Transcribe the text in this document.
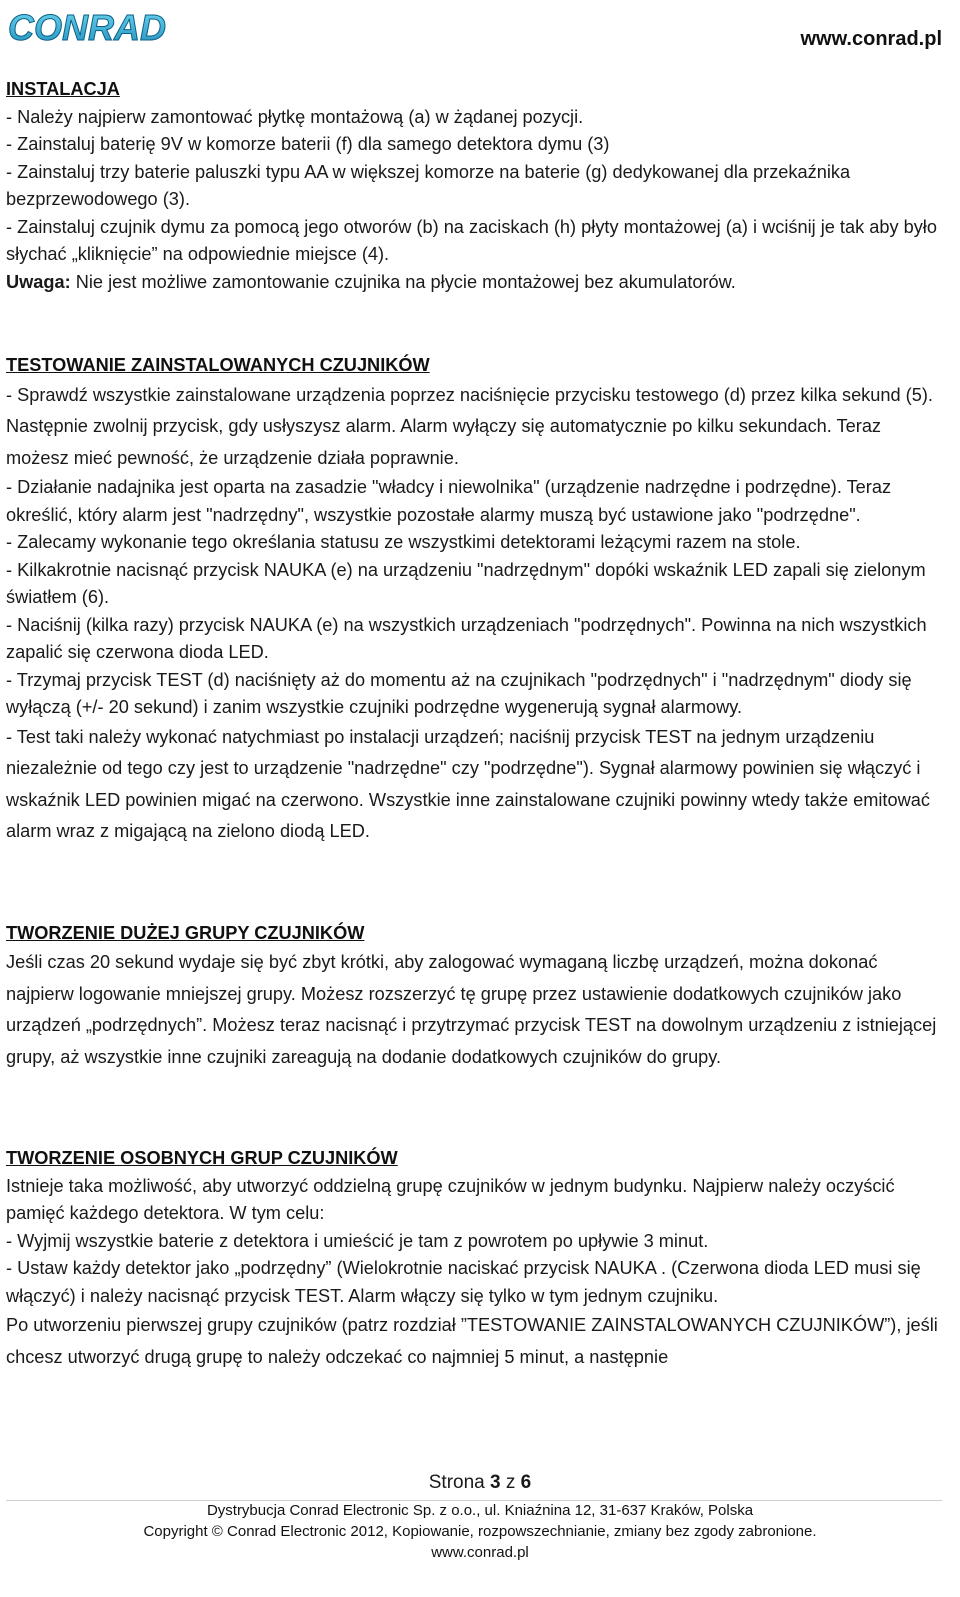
CONRAD	www.conrad.pl

INSTALACJA

- Należy najpierw zamontować płytkę montażową (a) w żądanej pozycji.

- Zainstaluj baterię 9V w komorze baterii (f) dla samego detektora dymu (3)

- Zainstaluj trzy baterie paluszki typu AA w większej komorze na baterie (g) dedykowanej dla przekaźnika bezprzewodowego (3).

- Zainstaluj czujnik dymu za pomocą jego otworów (b) na zaciskach (h) płyty montażowej (a) i wciśnij je tak aby było słychać „kliknięcie” na odpowiednie miejsce (4).

Uwaga: Nie jest możliwe zamontowanie czujnika na płycie montażowej bez akumulatorów.

TESTOWANIE ZAINSTALOWANYCH CZUJNIKÓW

- Sprawdź wszystkie zainstalowane urządzenia poprzez naciśnięcie przycisku testowego (d) przez kilka sekund (5). Następnie zwolnij przycisk, gdy usłyszysz alarm. Alarm wyłączy się automatycznie po kilku sekundach. Teraz możesz mieć pewność, że urządzenie działa poprawnie.

- Działanie nadajnika jest oparta na zasadzie "władcy i niewolnika" (urządzenie nadrzędne i podrzędne). Teraz określić, który alarm jest "nadrzędny", wszystkie pozostałe alarmy muszą być ustawione jako "podrzędne".

- Zalecamy wykonanie tego określania statusu ze wszystkimi detektorami leżącymi razem na stole.

- Kilkakrotnie nacisnąć przycisk NAUKA (e) na urządzeniu "nadrzędnym" dopóki wskaźnik LED zapali się zielonym światłem (6).

- Naciśnij (kilka razy) przycisk NAUKA (e) na wszystkich urządzeniach "podrzędnych". Powinna na nich wszystkich zapalić się czerwona dioda LED.

- Trzymaj przycisk TEST (d) naciśnięty aż do momentu aż na czujnikach "podrzędnych" i "nadrzędnym" diody się wyłączą (+/- 20 sekund) i zanim wszystkie czujniki podrzędne wygenerują sygnał alarmowy.

- Test taki należy wykonać natychmiast po instalacji urządzeń; naciśnij przycisk TEST na jednym urządzeniu niezależnie od tego czy jest to urządzenie "nadrzędne" czy "podrzędne"). Sygnał alarmowy powinien się włączyć i wskaźnik LED powinien migać na czerwono. Wszystkie inne zainstalowane czujniki powinny wtedy także emitować alarm wraz z migającą na zielono diodą LED.

TWORZENIE DUŻEJ GRUPY CZUJNIKÓW

Jeśli czas 20 sekund wydaje się być zbyt krótki, aby zalogować wymaganą liczbę urządzeń, można dokonać najpierw logowanie mniejszej grupy. Możesz rozszerzyć tę grupę przez ustawienie dodatkowych czujników jako urządzeń „podrzędnych”. Możesz teraz nacisnąć i przytrzymać przycisk TEST na dowolnym urządzeniu z istniejącej grupy, aż wszystkie inne czujniki zareagują na dodanie dodatkowych czujników do grupy.

TWORZENIE OSOBNYCH GRUP CZUJNIKÓW

Istnieje taka możliwość, aby utworzyć oddzielną grupę czujników w jednym budynku. Najpierw należy oczyścić pamięć każdego detektora. W tym celu:

- Wyjmij wszystkie baterie z detektora i umieścić je tam z powrotem po upływie 3 minut.

- Ustaw każdy detektor jako „podrzędny” (Wielokrotnie naciskać przycisk NAUKA . (Czerwona dioda LED musi się włączyć) i należy nacisnąć przycisk TEST. Alarm włączy się tylko w tym jednym czujniku.

Po utworzeniu pierwszej grupy czujników (patrz rozdział ”TESTOWANIE ZAINSTALOWANYCH CZUJNIKÓW”), jeśli chcesz utworzyć drugą grupę to należy odczekać co najmniej 5 minut, a następnie

Strona 3 z 6
Dystrybucja Conrad Electronic Sp. z o.o., ul. Kniaźnina 12, 31-637 Kraków, Polska
Copyright © Conrad Electronic 2012, Kopiowanie, rozpowszechnianie, zmiany bez zgody zabronione.
www.conrad.pl
